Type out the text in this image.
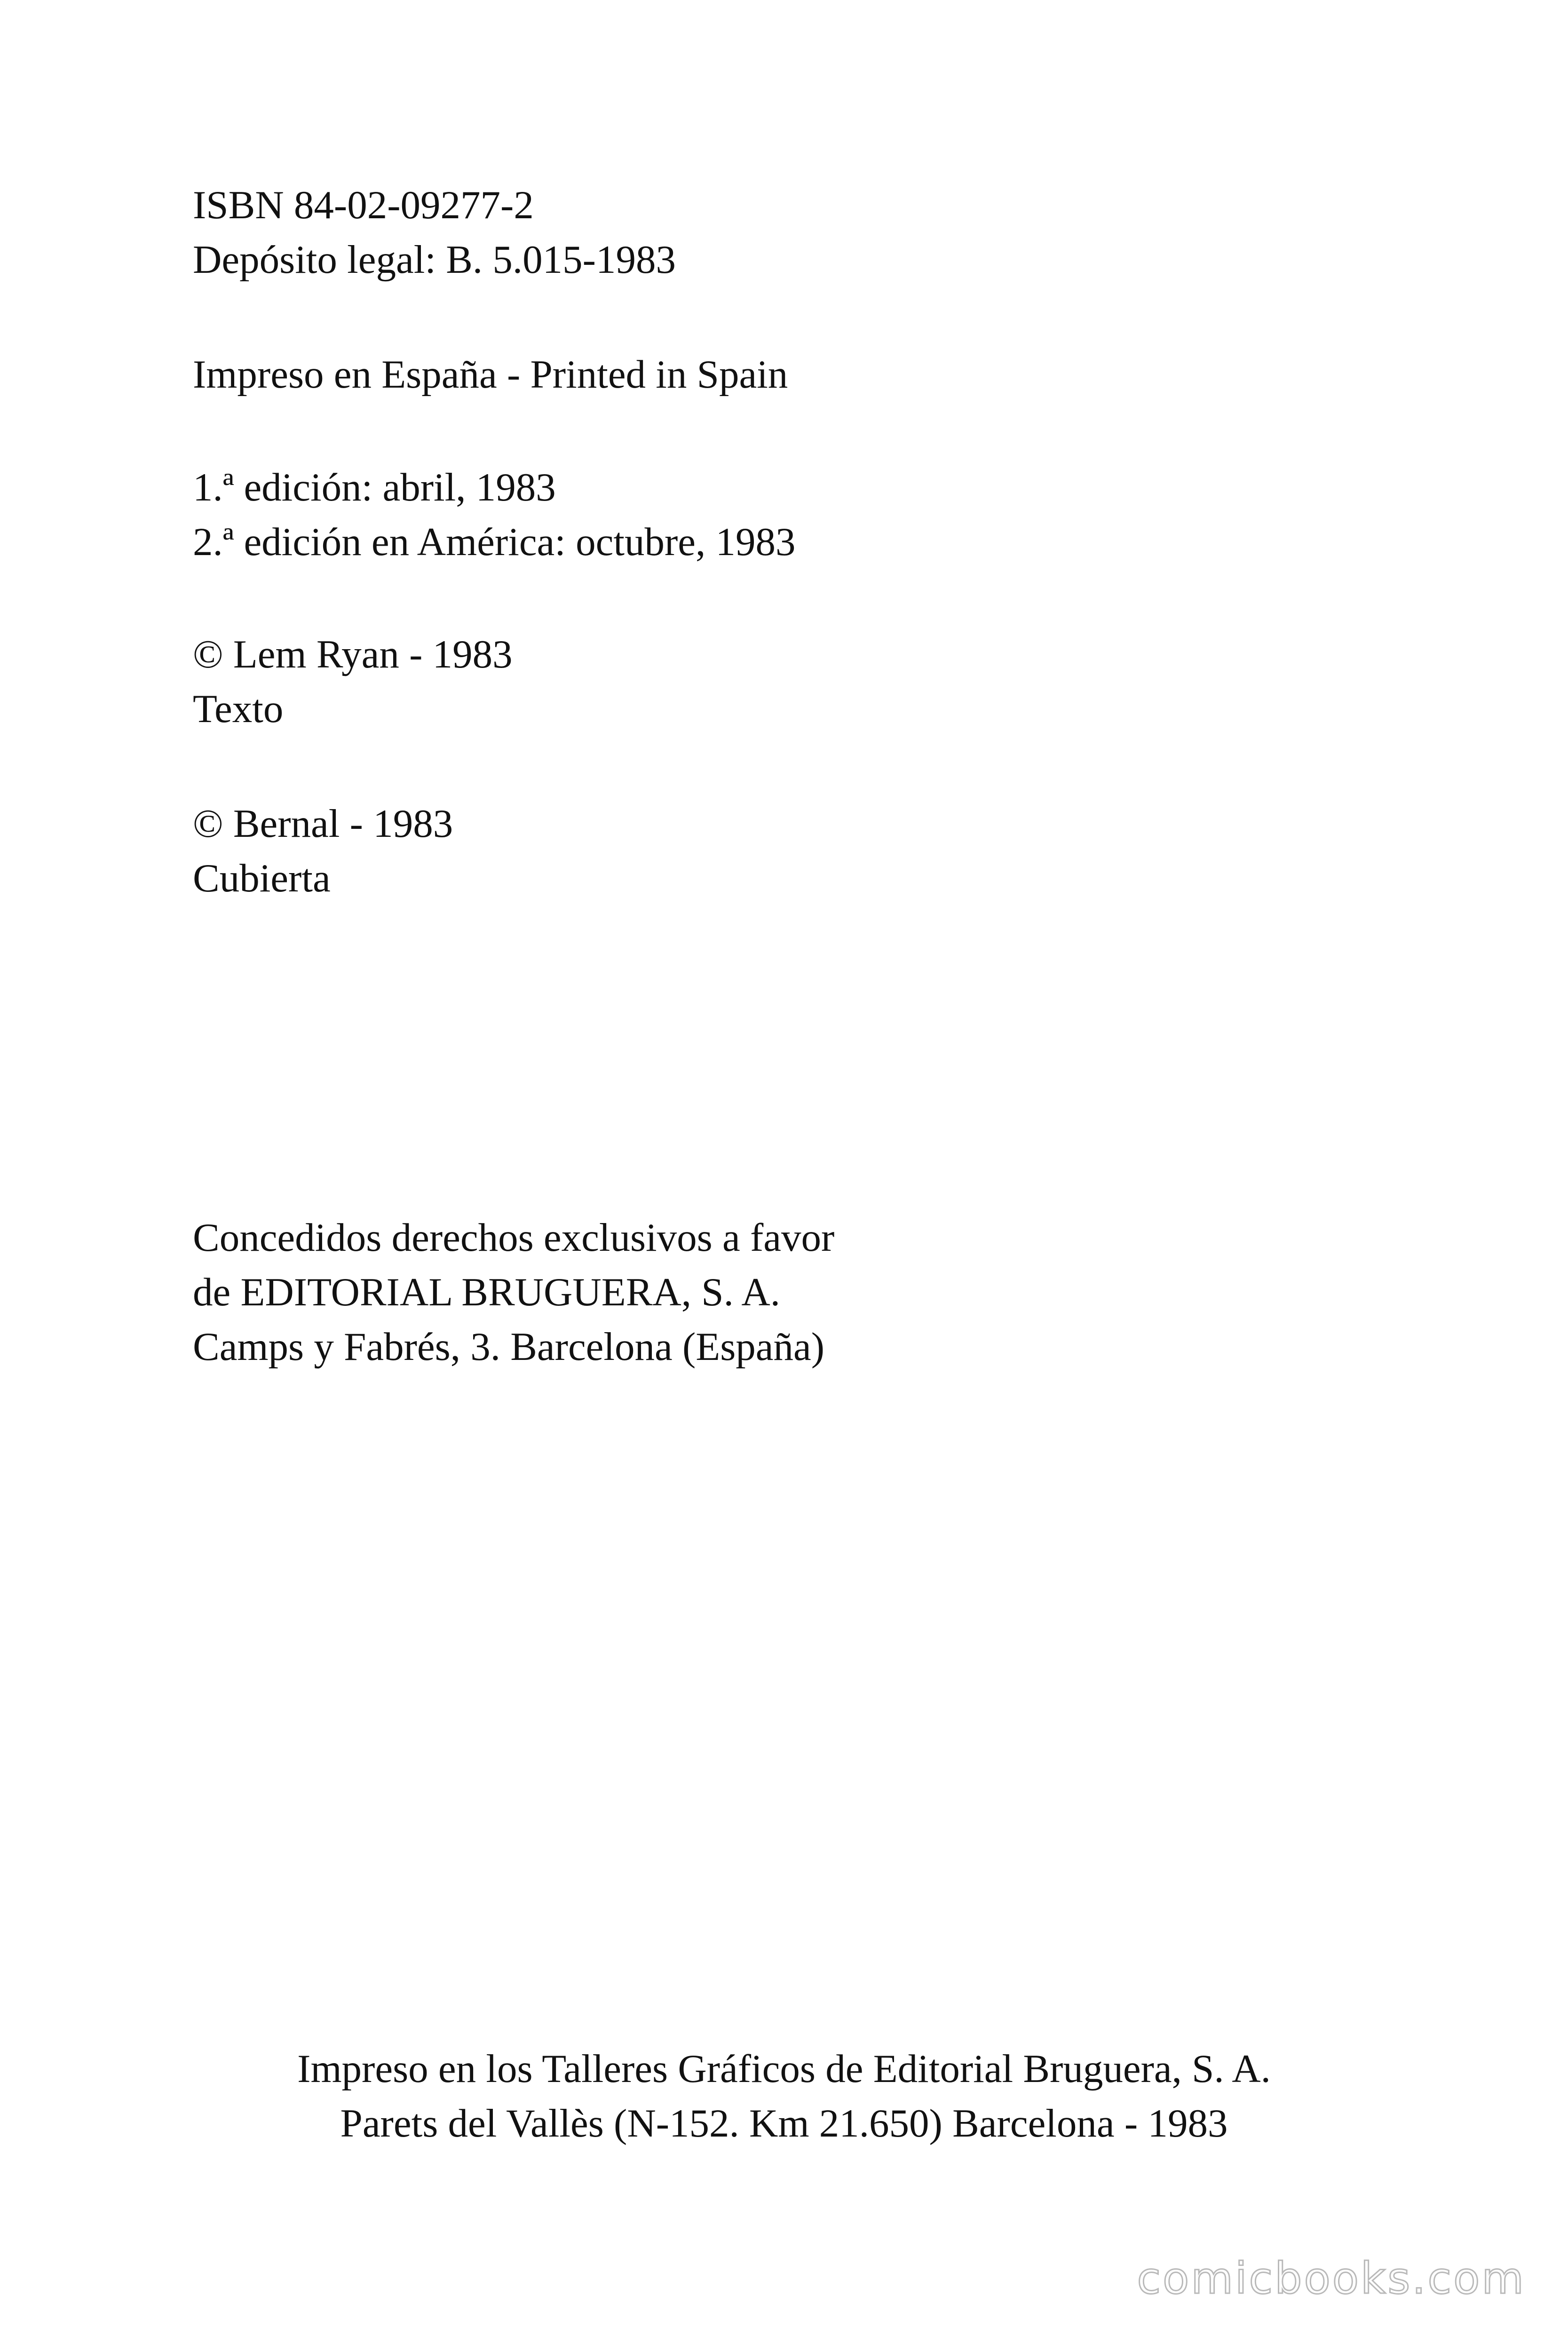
ISBN 84-02-09277-2
Depósito legal: B. 5.015-1983
Impreso en España - Printed in Spain
1.ª edición: abril, 1983
2.ª edición en América: octubre, 1983
© Lem Ryan - 1983
Texto
© Bernal - 1983
Cubierta
Concedidos derechos exclusivos a favor
de EDITORIAL BRUGUERA, S. A.
Camps y Fabrés, 3. Barcelona (España)
Impreso en los Talleres Gráficos de Editorial Bruguera, S. A.
Parets del Vallès (N-152. Km 21.650) Barcelona - 1983
comicbooks.com
